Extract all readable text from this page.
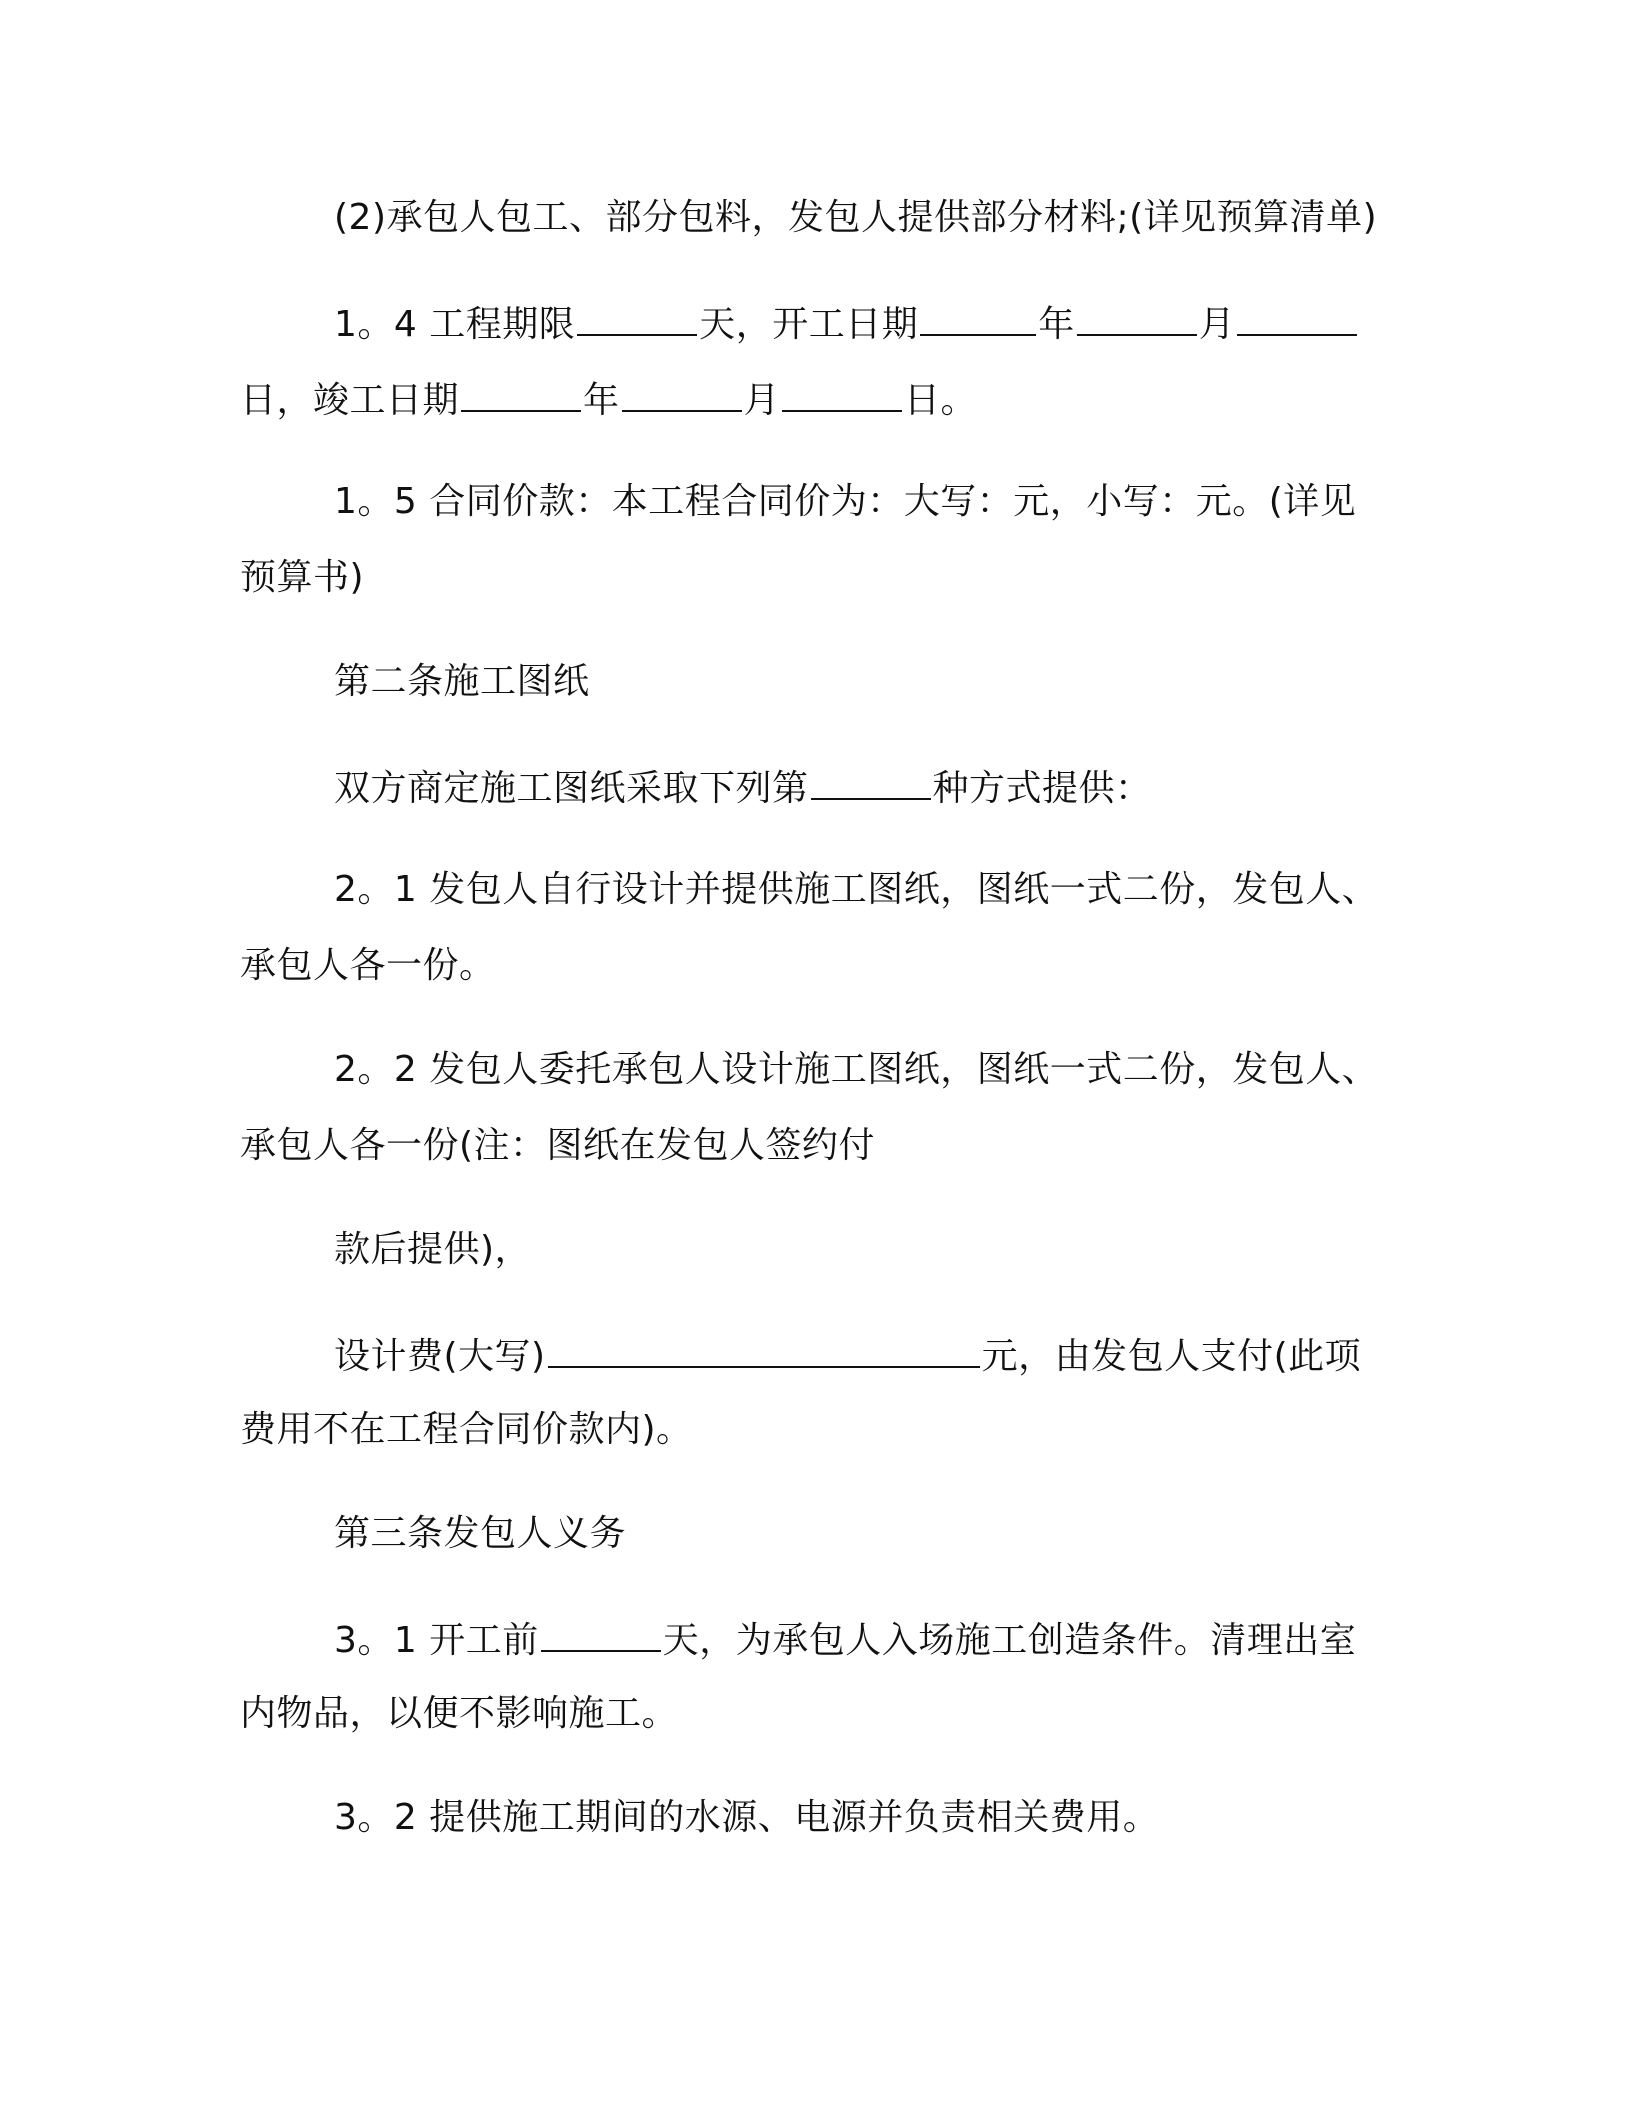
(2)承包人包工、部分包料，发包人提供部分材料;(详见预算清单)
1。4 工程期限	天，开工日期	年	月
日，竣工日期	年	月	日。
1。5 合同价款：本工程合同价为：大写：元，小写：元。(详见
预算书)
第二条施工图纸
双方商定施工图纸采取下列第	种方式提供：
2。1 发包人自行设计并提供施工图纸，图纸一式二份，发包人、
承包人各一份。
2。2 发包人委托承包人设计施工图纸，图纸一式二份，发包人、
承包人各一份(注：图纸在发包人签约付
款后提供)，
设计费(大写)	元，由发包人支付(此项
费用不在工程合同价款内)。
第三条发包人义务
3。1 开工前	天，为承包人入场施工创造条件。清理出室
内物品，以便不影响施工。
3。2 提供施工期间的水源、电源并负责相关费用。
